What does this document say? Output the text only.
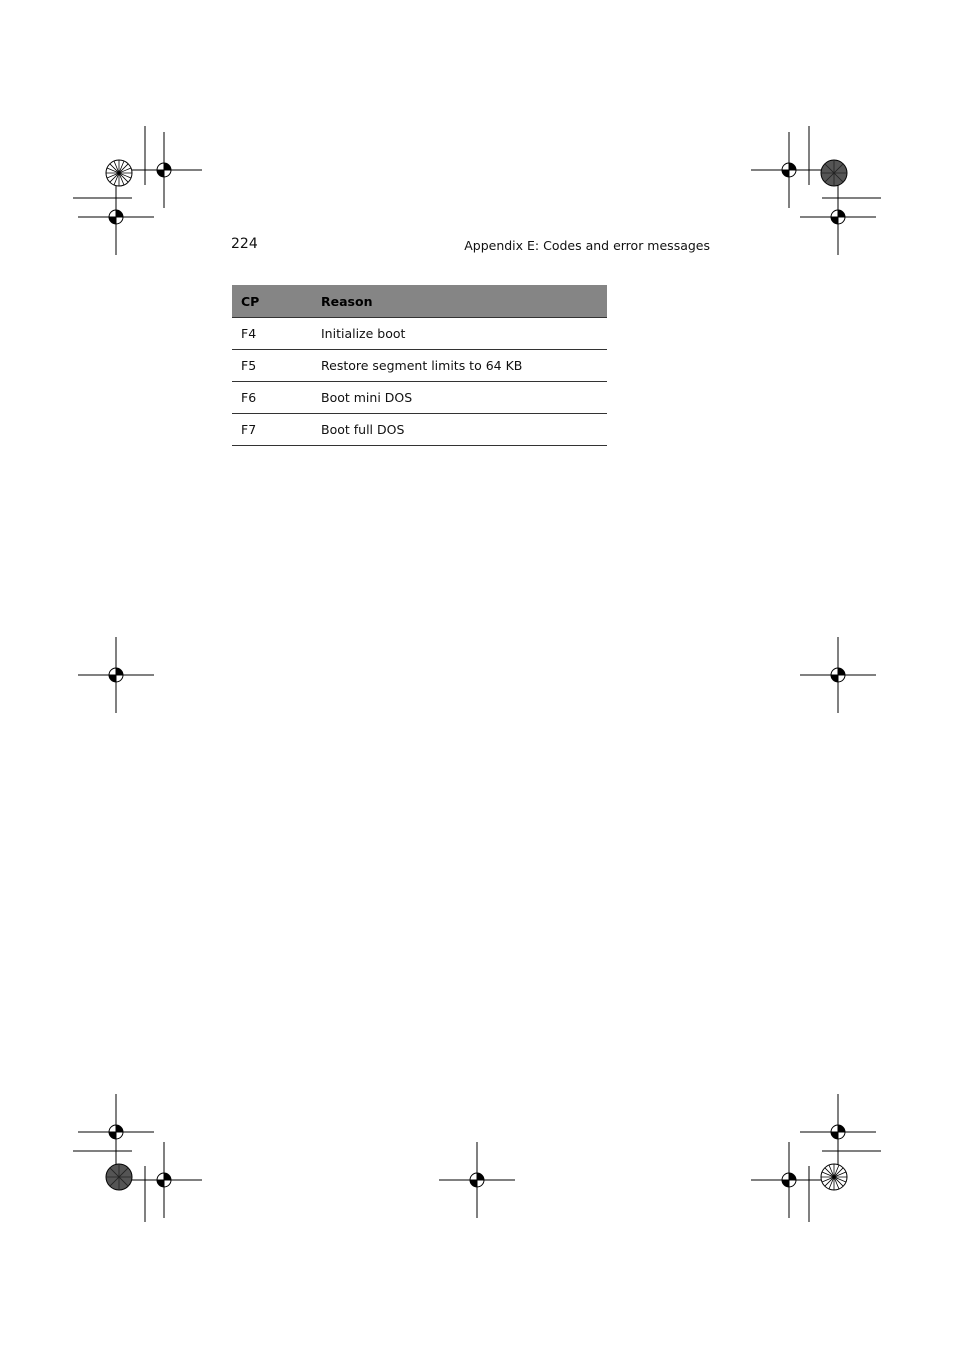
224	Appendix E: Codes and error messages
CP	Reason
F4	Initialize boot
F5	Restore segment limits to 64 KB
F6	Boot mini DOS
F7	Boot full DOS
